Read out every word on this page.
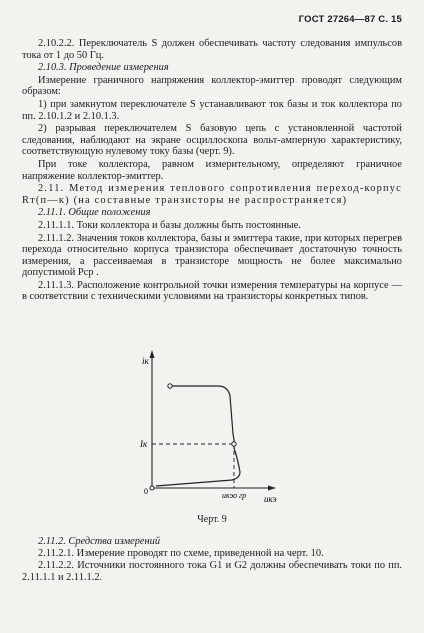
ГОСТ 27264—87 С. 15

2.10.2.2. Переключатель S должен обеспечивать частоту следования импульсов тока от 1 до 50 Гц.

2.10.3. Проведение измерения

Измерение граничного напряжения коллектор-эмиттер проводят следующим образом:

1) при замкнутом переключателе S устанавливают ток базы и ток коллектора по пп. 2.10.1.2 и 2.10.1.3.

2) разрывая переключателем S базовую цепь с установленной частотой следования, наблюдают на экране осциллоскопа вольт-амперную характеристику, соответствующую нулевому току базы (черт. 9).

При токе коллектора, равном измерительному, определяют граничное напряжение коллектор-эмиттер.

2.11. Метод измерения теплового сопротивления переход-корпус Rт(п—к) (на составные транзисторы не распространяется)

2.11.1. Общие положения

2.11.1.1. Токи коллектора и базы должны быть постоянные.

2.11.1.2. Значения токов коллектора, базы и эмиттера такие, при которых перегрев перехода относительно корпуса транзистора обеспечивает достаточную точность измерения, а рассеиваемая в транзисторе мощность не более максимально допустимой Pср .

2.11.1.3. Расположение контрольной точки измерения температуры на корпусе — в соответствии с техническими условиями на транзисторы конкретных типов.

iк
uкэ
0
Iк
uкэо гр
Черт. 9

2.11.2. Средства измерений

2.11.2.1. Измерение проводят по схеме, приведенной на черт. 10.

2.11.2.2. Источники постоянного тока G1 и G2 должны обеспечивать токи по пп. 2.11.1.1 и 2.11.1.2.
